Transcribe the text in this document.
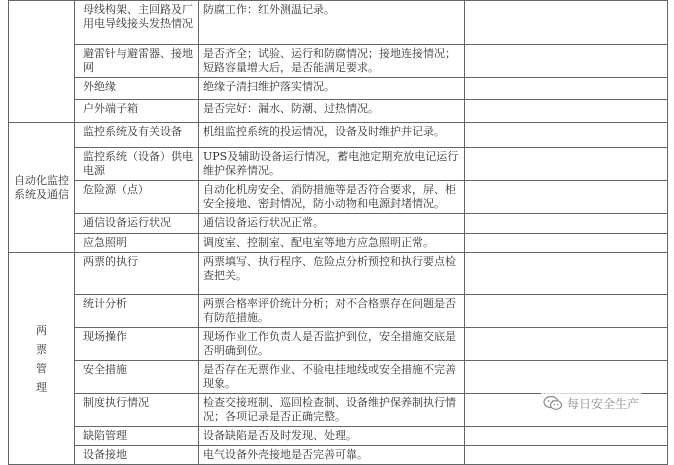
	母线构架、主回路及厂用电导线接头发热情况	防腐工作：红外测温记录。	
	避雷针与避雷器、接地网	是否齐全；试验、运行和防腐情况；接地连接情况；短路容量增大后，是否能满足要求。	
	外绝缘	绝缘子清扫维护落实情况。	
	户外端子箱	是否完好：漏水、防潮、过热情况。	
自动化监控系统及通信	监控系统及有关设备	机组监控系统的投运情况，设备及时维护并记录。	
	监控系统（设备）供电电源	UPS及辅助设备运行情况，蓄电池定期充放电记运行维护保养情况。	
	危险源（点）	自动化机房安全、消防措施等是否符合要求，屏、柜安全接地、密封情况，防小动物和电源封堵情况。	
	通信设备运行状况	通信设备运行状况正常。	
	应急照明	调度室、控制室、配电室等地方应急照明正常。	

两票管理	两票的执行	两票填写、执行程序、危险点分析预控和执行要点检查把关。	
	统计分析	两票合格率评价统计分析；对不合格票存在问题是否有防范措施。	
	现场操作	现场作业工作负责人是否监护到位，安全措施交底是否明确到位。	
	安全措施	是否存在无票作业、不验电挂地线或安全措施不完善现象。	
	制度执行情况	检查交接班制、巡回检查制、设备维护保养制执行情况；各项记录是否正确完整。	
	缺陷管理	设备缺陷是否及时发现、处理。	
	设备接地	电气设备外壳接地是否完善可靠。	
每日安全生产
